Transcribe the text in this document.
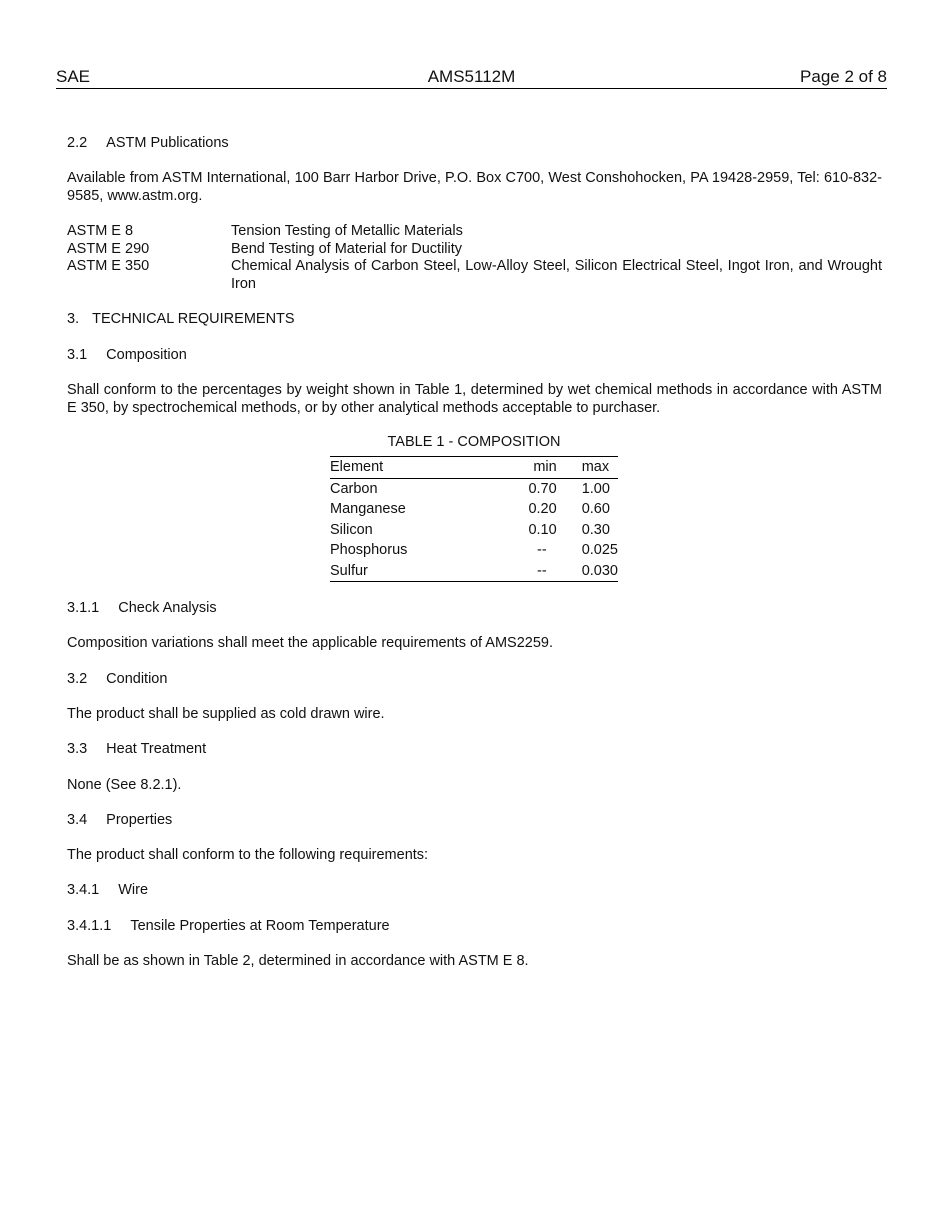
SAE	AMS5112M	Page 2 of 8
2.2 ASTM Publications
Available from ASTM International, 100 Barr Harbor Drive, P.O. Box C700, West Conshohocken, PA 19428-2959, Tel: 610-832-9585, www.astm.org.
ASTM E 8	Tension Testing of Metallic Materials
ASTM E 290	Bend Testing of Material for Ductility
ASTM E 350	Chemical Analysis of Carbon Steel, Low-Alloy Steel, Silicon Electrical Steel, Ingot Iron, and Wrought Iron
3. TECHNICAL REQUIREMENTS
3.1 Composition
Shall conform to the percentages by weight shown in Table 1, determined by wet chemical methods in accordance with ASTM E 350, by spectrochemical methods, or by other analytical methods acceptable to purchaser.
TABLE 1 - COMPOSITION
Element	min	max
Carbon	0.70	1.00
Manganese	0.20	0.60
Silicon	0.10	0.30
Phosphorus	--	0.025
Sulfur	--	0.030
3.1.1 Check Analysis
Composition variations shall meet the applicable requirements of AMS2259.
3.2 Condition
The product shall be supplied as cold drawn wire.
3.3 Heat Treatment
None (See 8.2.1).
3.4 Properties
The product shall conform to the following requirements:
3.4.1 Wire
3.4.1.1 Tensile Properties at Room Temperature
Shall be as shown in Table 2, determined in accordance with ASTM E 8.
